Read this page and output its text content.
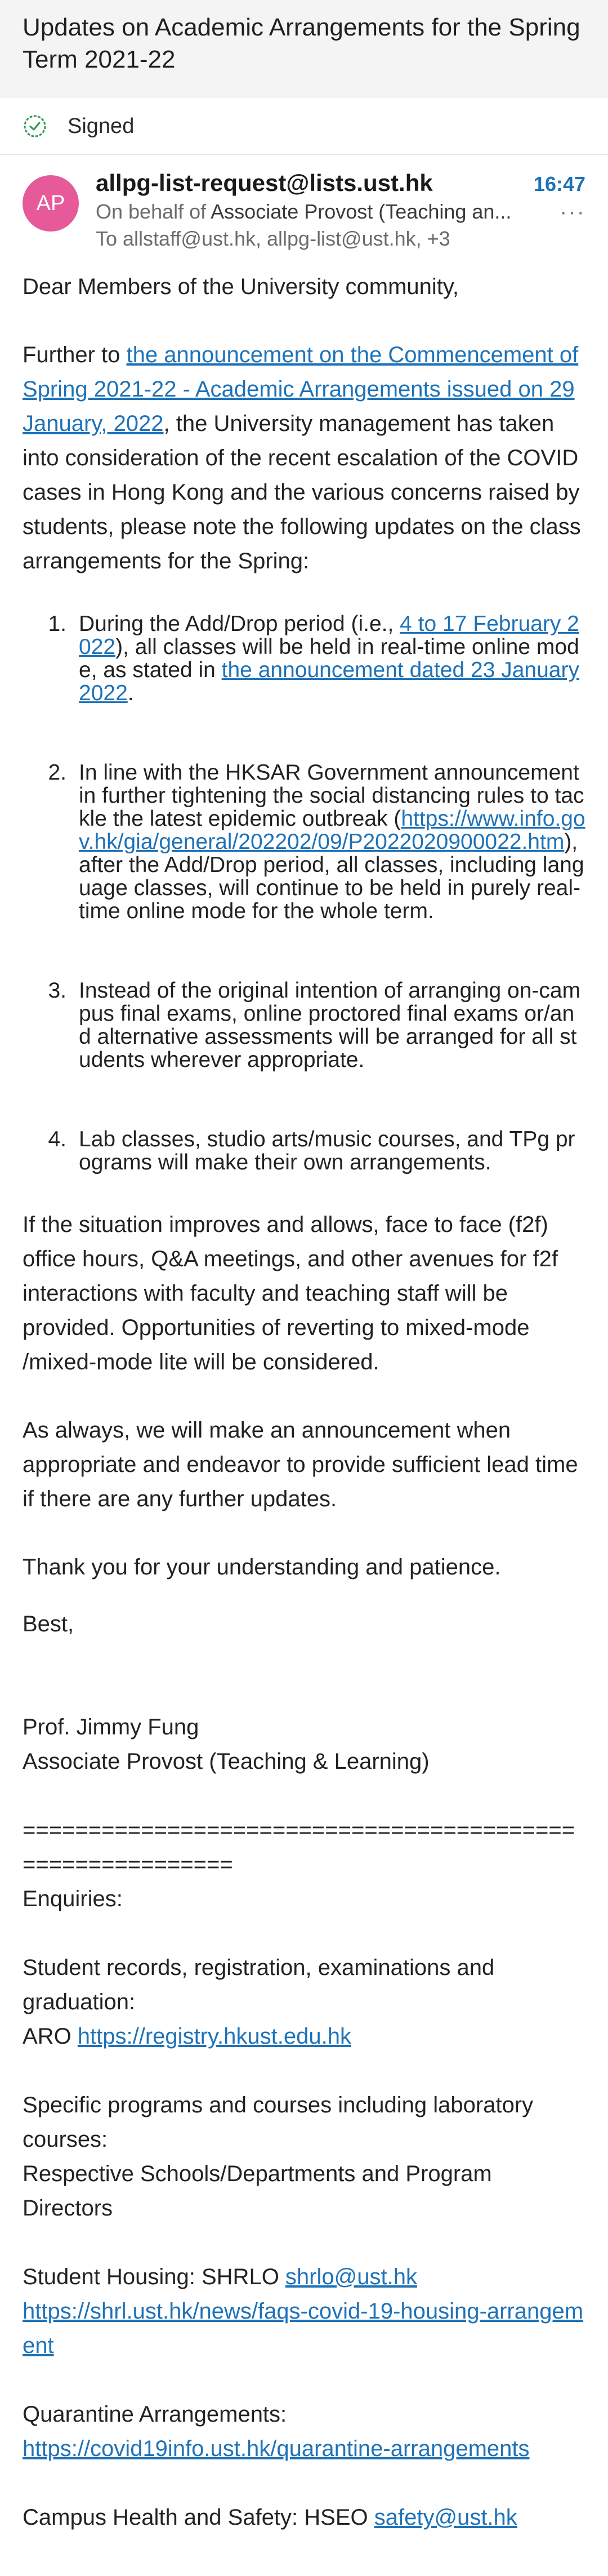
Updates on Academic Arrangements for the Spring Term 2021-22
Signed
AP
allpg-list-request@lists.ust.hk	16:47
On behalf of Associate Provost (Teaching an... ···
To allstaff@ust.hk, allpg-list@ust.hk, +3

Dear Members of the University community,

Further to the announcement on the Commencement of Spring 2021-22 - Academic Arrangements issued on 29 January, 2022, the University management has taken into consideration of the recent escalation of the COVID cases in Hong Kong and the various concerns raised by students, please note the following updates on the class arrangements for the Spring:

1. During the Add/Drop period (i.e., 4 to 17 February 2022), all classes will be held in real-time online mode, as stated in the announcement dated 23 January 2022.
2. In line with the HKSAR Government announcement in further tightening the social distancing rules to tackle the latest epidemic outbreak (https://www.info.gov.hk/gia/general/202202/09/P2022020900022.htm), after the Add/Drop period, all classes, including language classes, will continue to be held in purely real-time online mode for the whole term.
3. Instead of the original intention of arranging on-campus final exams, online proctored final exams or/and alternative assessments will be arranged for all students wherever appropriate.
4. Lab classes, studio arts/music courses, and TPg programs will make their own arrangements.

If the situation improves and allows, face to face (f2f) office hours, Q&A meetings, and other avenues for f2f interactions with faculty and teaching staff will be provided. Opportunities of reverting to mixed-mode /mixed-mode lite will be considered.

As always, we will make an announcement when appropriate and endeavor to provide sufficient lead time if there are any further updates.

Thank you for your understanding and patience.

Best,

Prof. Jimmy Fung
Associate Provost (Teaching & Learning)
==========================================================
Enquiries:
Student records, registration, examinations and graduation:
ARO https://registry.hkust.edu.hk
Specific programs and courses including laboratory courses:
Respective Schools/Departments and Program Directors
Student Housing: SHRLO shrlo@ust.hk
https://shrl.ust.hk/news/faqs-covid-19-housing-arrangement
Quarantine Arrangements:
https://covid19info.ust.hk/quarantine-arrangements
Campus Health and Safety: HSEO safety@ust.hk
